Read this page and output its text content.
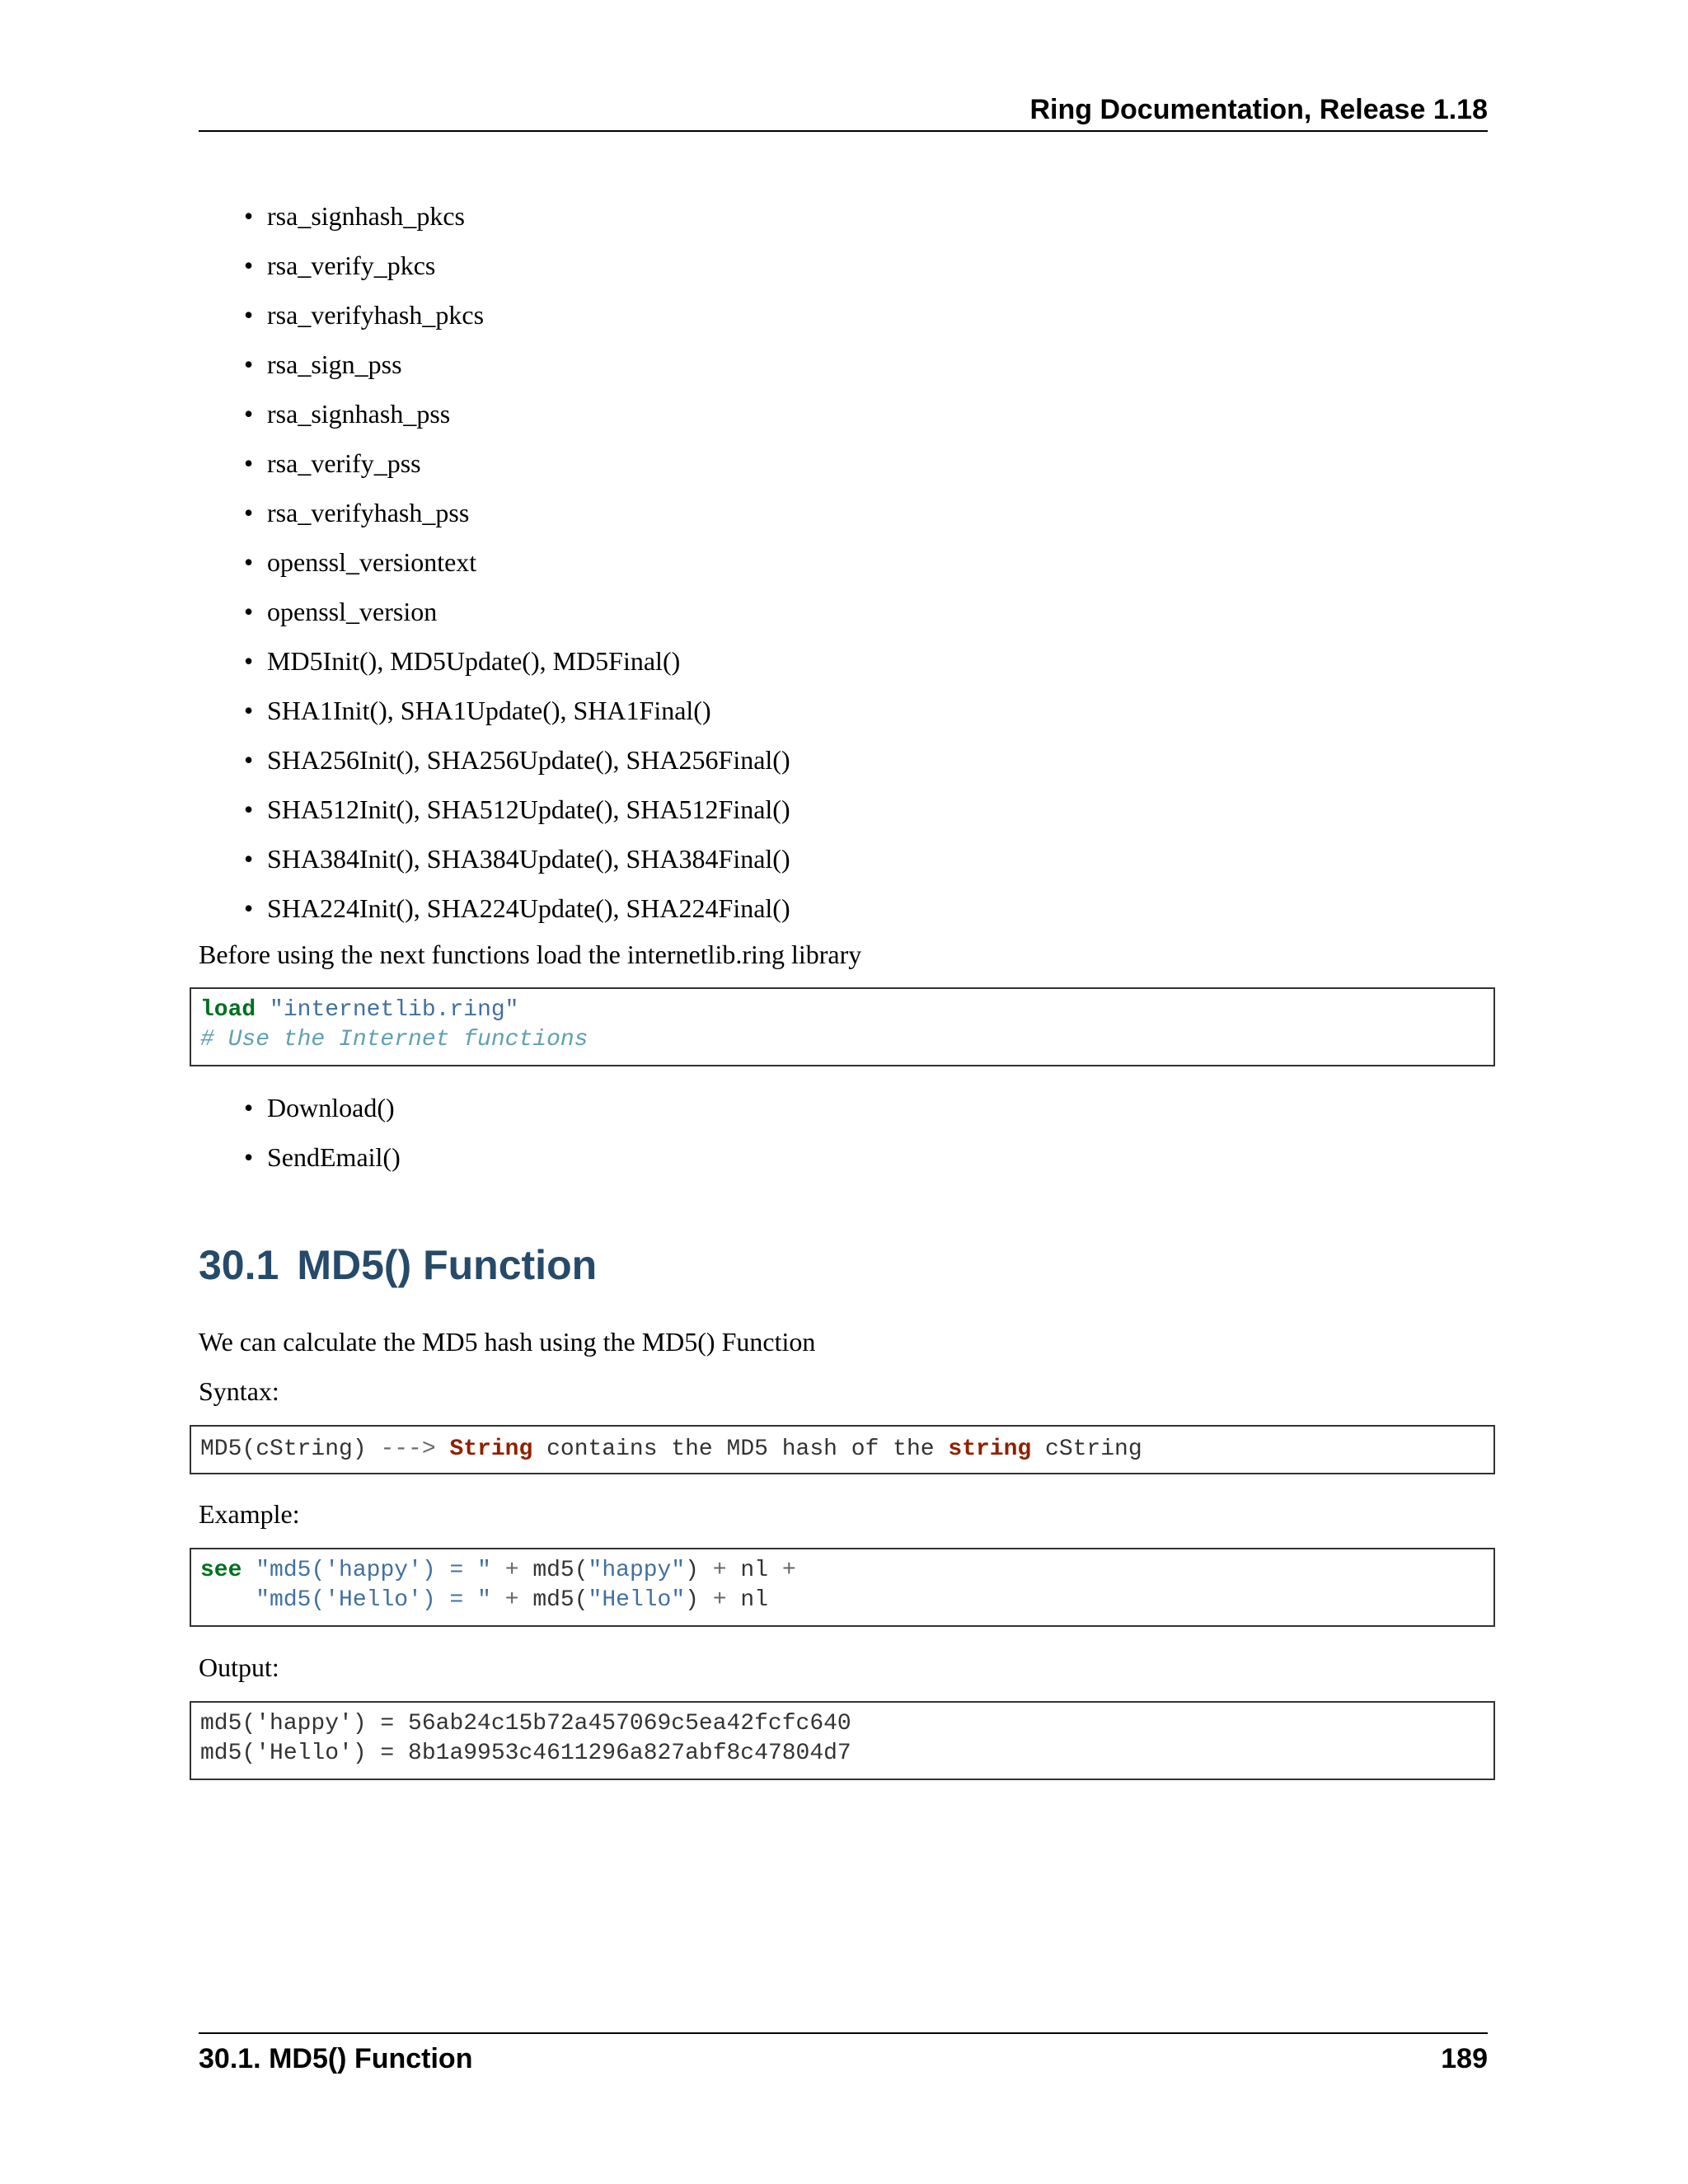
Ring Documentation, Release 1.18
• rsa_signhash_pkcs
• rsa_verify_pkcs
• rsa_verifyhash_pkcs
• rsa_sign_pss
• rsa_signhash_pss
• rsa_verify_pss
• rsa_verifyhash_pss
• openssl_versiontext
• openssl_version
• MD5Init(), MD5Update(), MD5Final()
• SHA1Init(), SHA1Update(), SHA1Final()
• SHA256Init(), SHA256Update(), SHA256Final()
• SHA512Init(), SHA512Update(), SHA512Final()
• SHA384Init(), SHA384Update(), SHA384Final()
• SHA224Init(), SHA224Update(), SHA224Final()
Before using the next functions load the internetlib.ring library
load "internetlib.ring"
# Use the Internet functions
• Download()
• SendEmail()
30.1 MD5() Function
We can calculate the MD5 hash using the MD5() Function
Syntax:
MD5(cString) ---> String contains the MD5 hash of the string cString
Example:
see "md5('happy') = " + md5("happy") + nl +
"md5('Hello') = " + md5("Hello") + nl
Output:
md5('happy') = 56ab24c15b72a457069c5ea42fcfc640
md5('Hello') = 8b1a9953c4611296a827abf8c47804d7
30.1. MD5() Function	189
